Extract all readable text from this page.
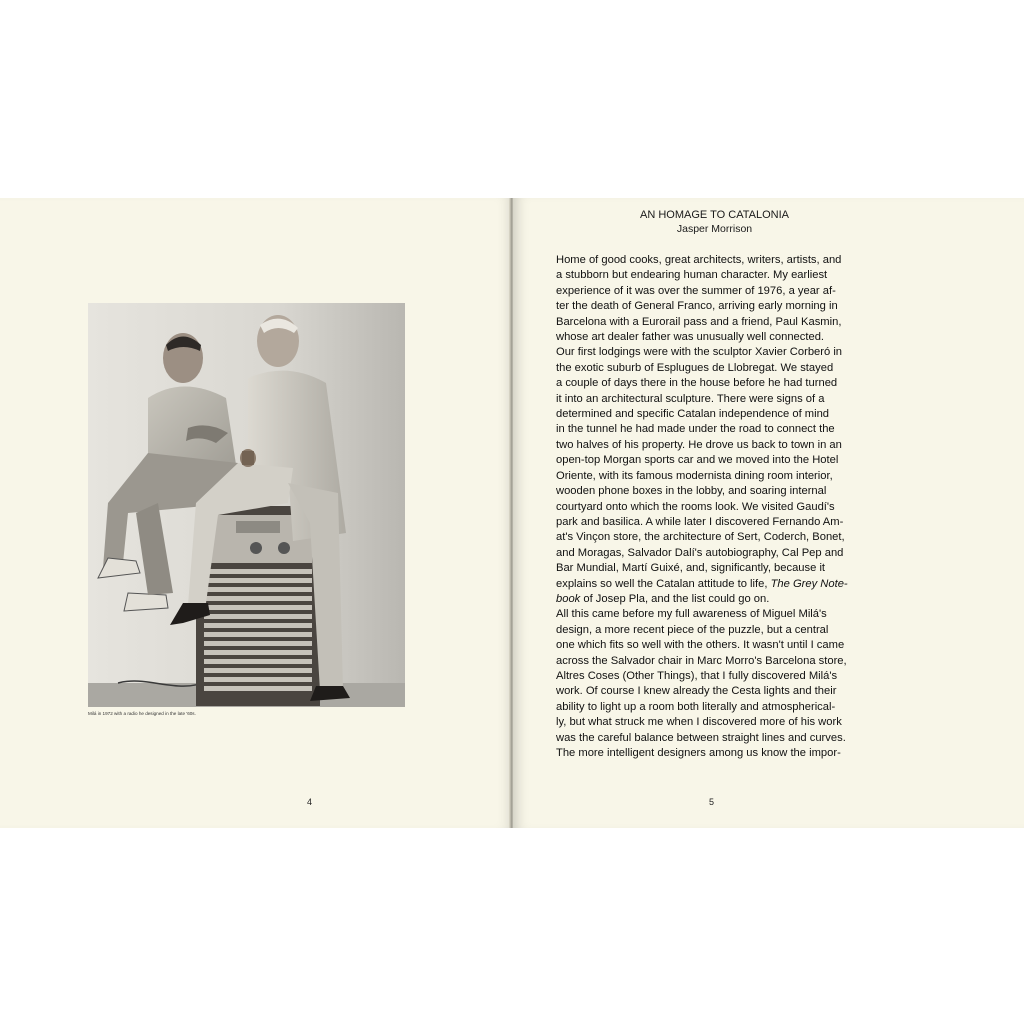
Milá in 1972 with a radio he designed in the late '60s.
4
AN HOMAGE TO CATALONIA
Jasper Morrison
Home of good cooks, great architects, writers, artists, and
a stubborn but endearing human character. My earliest
experience of it was over the summer of 1976, a year af-
ter the death of General Franco, arriving early morning in
Barcelona with a Eurorail pass and a friend, Paul Kasmin,
whose art dealer father was unusually well connected.
Our first lodgings were with the sculptor Xavier Corberó in
the exotic suburb of Esplugues de Llobregat. We stayed
a couple of days there in the house before he had turned
it into an architectural sculpture. There were signs of a
determined and specific Catalan independence of mind
in the tunnel he had made under the road to connect the
two halves of his property. He drove us back to town in an
open-top Morgan sports car and we moved into the Hotel
Oriente, with its famous modernista dining room interior,
wooden phone boxes in the lobby, and soaring internal
courtyard onto which the rooms look. We visited Gaudí's
park and basilica. A while later I discovered Fernando Am-
at's Vinçon store, the architecture of Sert, Coderch, Bonet,
and Moragas, Salvador Dalí's autobiography, Cal Pep and
Bar Mundial, Martí Guixé, and, significantly, because it
explains so well the Catalan attitude to life, The Grey Note-
book of Josep Pla, and the list could go on.
All this came before my full awareness of Miguel Milá's
design, a more recent piece of the puzzle, but a central
one which fits so well with the others. It wasn't until I came
across the Salvador chair in Marc Morro's Barcelona store,
Altres Coses (Other Things), that I fully discovered Milá's
work. Of course I knew already the Cesta lights and their
ability to light up a room both literally and atmospherical-
ly, but what struck me when I discovered more of his work
was the careful balance between straight lines and curves.
The more intelligent designers among us know the impor-
5
